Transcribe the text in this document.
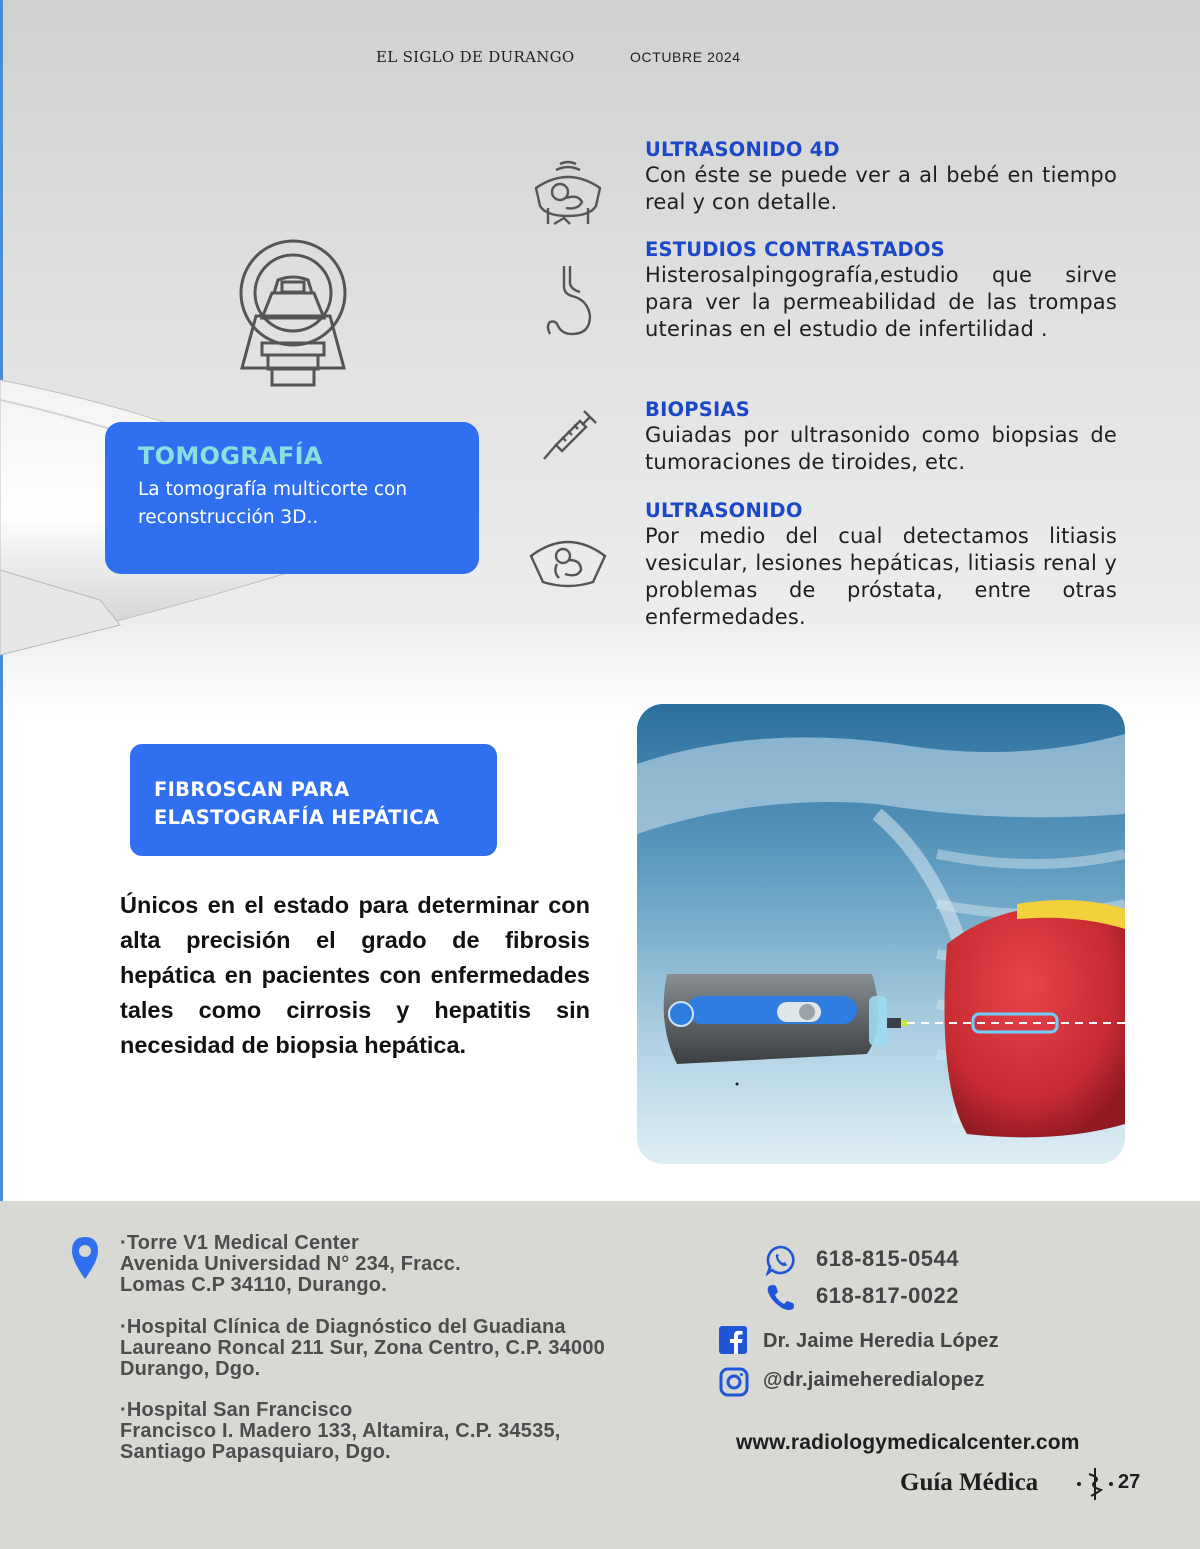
EL SIGLO DE DURANGO	OCTUBRE 2024
TOMOGRAFÍA
La tomografía multicorte con reconstrucción 3D..
ULTRASONIDO 4D
Con éste se puede ver a al bebé en tiempo real y con detalle.
ESTUDIOS CONTRASTADOS
Histerosalpingografía,estudio que sirve para ver la permeabilidad de las trompas uterinas en el estudio de infertilidad .
BIOPSIAS
Guiadas por ultrasonido como biopsias de tumoraciones de tiroides, etc.
ULTRASONIDO
Por medio del cual detectamos litiasis vesicular, lesiones hepáticas, litiasis renal y problemas de próstata, entre otras enfermedades.
FIBROSCAN PARA
ELASTOGRAFÍA HEPÁTICA
Únicos en el estado para determinar con alta precisión el grado de fibrosis hepática en pacientes con enfermedades tales como cirrosis y hepatitis sin necesidad de biopsia hepática.
·Torre V1 Medical Center
Avenida Universidad N° 234, Fracc.
Lomas C.P 34110, Durango.
·Hospital Clínica de Diagnóstico del Guadiana
Laureano Roncal 211 Sur, Zona Centro, C.P. 34000
Durango, Dgo.
·Hospital San Francisco
Francisco I. Madero 133, Altamira, C.P. 34535,
Santiago Papasquiaro, Dgo.
618-815-0544
618-817-0022
Dr. Jaime Heredia López
@dr.jaimeheredialopez
www.radiologymedicalcenter.com
Guía Médica	27
